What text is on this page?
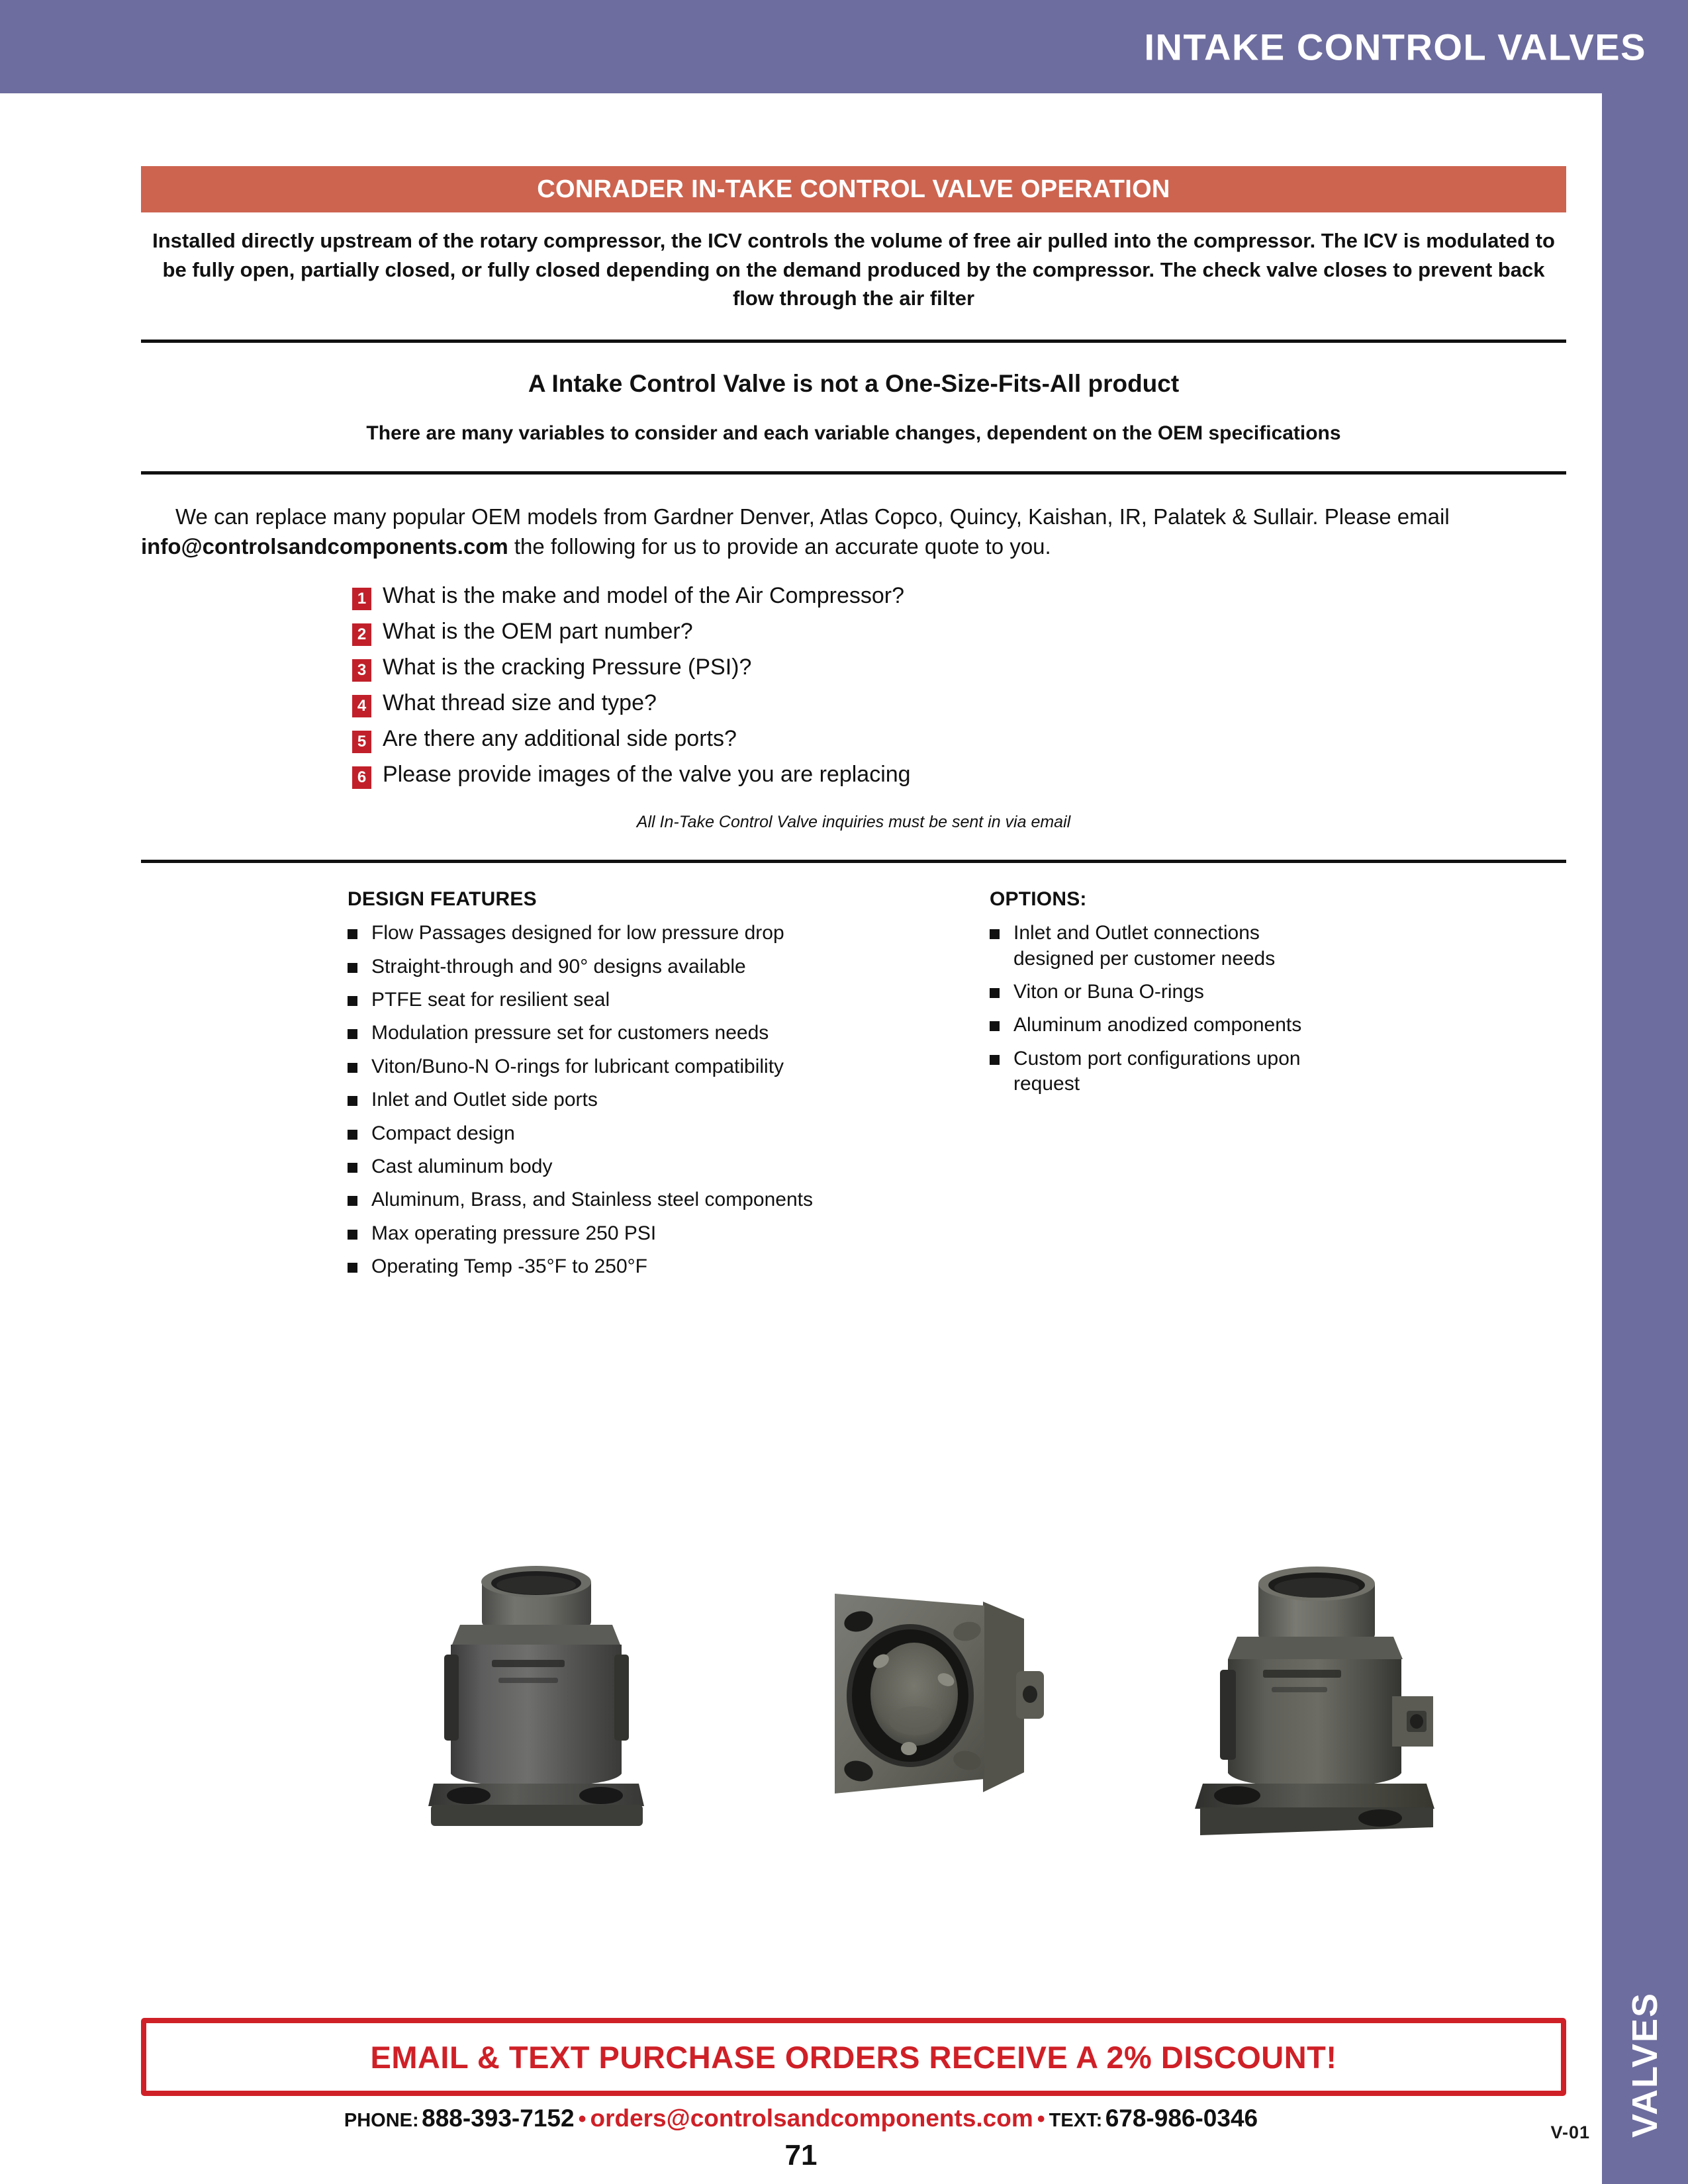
INTAKE CONTROL VALVES
VALVES
V-01
CONRADER IN-TAKE CONTROL VALVE OPERATION
Installed directly upstream of the rotary compressor, the ICV controls the volume of free air pulled into the compressor. The ICV is modulated to be fully open, partially closed, or fully closed depending on the demand produced by the compressor. The check valve closes to prevent back flow through the air filter
A Intake Control Valve is not a One-Size-Fits-All product
There are many variables to consider and each variable changes, dependent on the OEM specifications

We can replace many popular OEM models from Gardner Denver, Atlas Copco, Quincy, Kaishan, IR, Palatek & Sullair. Please email info@controlsandcomponents.com the following for us to provide an accurate quote to you.

1 What is the make and model of the Air Compressor?
2 What is the OEM part number?
3 What is the cracking Pressure (PSI)?
4 What thread size and type?
5 Are there any additional side ports?
6 Please provide images of the valve you are replacing
All In-Take Control Valve inquiries must be sent in via email
DESIGN FEATURES
Flow Passages designed for low pressure drop
Straight-through and 90° designs available
PTFE seat for resilient seal
Modulation pressure set for customers needs
Viton/Buno-N O-rings for lubricant compatibility
Inlet and Outlet side ports
Compact design
Cast aluminum body
Aluminum, Brass, and Stainless steel components
Max operating pressure 250 PSI
Operating Temp -35°F to 250°F
OPTIONS:
Inlet and Outlet connections designed per customer needs
Viton or Buna O-rings
Aluminum anodized components
Custom port configurations upon request
EMAIL & TEXT PURCHASE ORDERS RECEIVE A 2% DISCOUNT!
PHONE: 888-393-7152 • orders@controlsandcomponents.com • TEXT: 678-986-0346
71
